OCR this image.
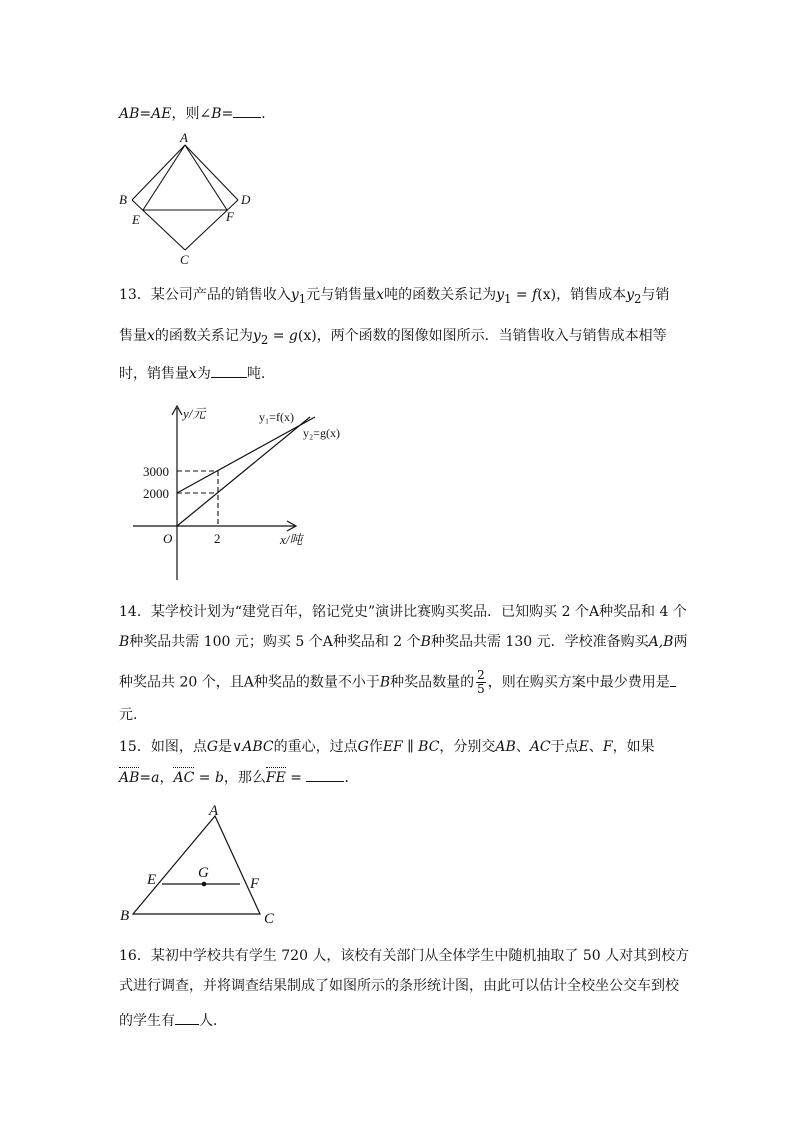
AB=AE，则∠B= ．
A
B	D
E	F
C
13．某公司产品的销售收入$y_1$元与销售量x吨的函数关系记为$y_1 = f(x)$，销售成本$y_2$与销
售量x的函数关系记为$y_2 = g(x)$，两个函数的图像如图所示．当销售收入与销售成本相等
时，销售量x为	吨．
y/元
x/吨
O	2
3000
2000
y₁=f(x)
y₂=g(x)
14．某学校计划为“建党百年，铭记党史”演讲比赛购买奖品．已知购买 2 个A种奖品和 4 个
B种奖品共需 100 元；购买 5 个A种奖品和 2 个B种奖品共需 130 元．学校准备购买A,B两
种奖品共 20 个，且A种奖品的数量不小于B种奖品数量的 $\frac{2}{5}$ ，则在购买方案中最少费用是
元．
15．如图，点G是∨ABC的重心，过点G作EF ∥ BC，分别交AB、AC于点E、F，如果
AB=a，AC = b，那么FE =	．
A
B	C
E	F
G
16．某初中学校共有学生 720 人，该校有关部门从全体学生中随机抽取了 50 人对其到校方
式进行调查，并将调查结果制成了如图所示的条形统计图，由此可以估计全校坐公交车到校
的学生有 人．
